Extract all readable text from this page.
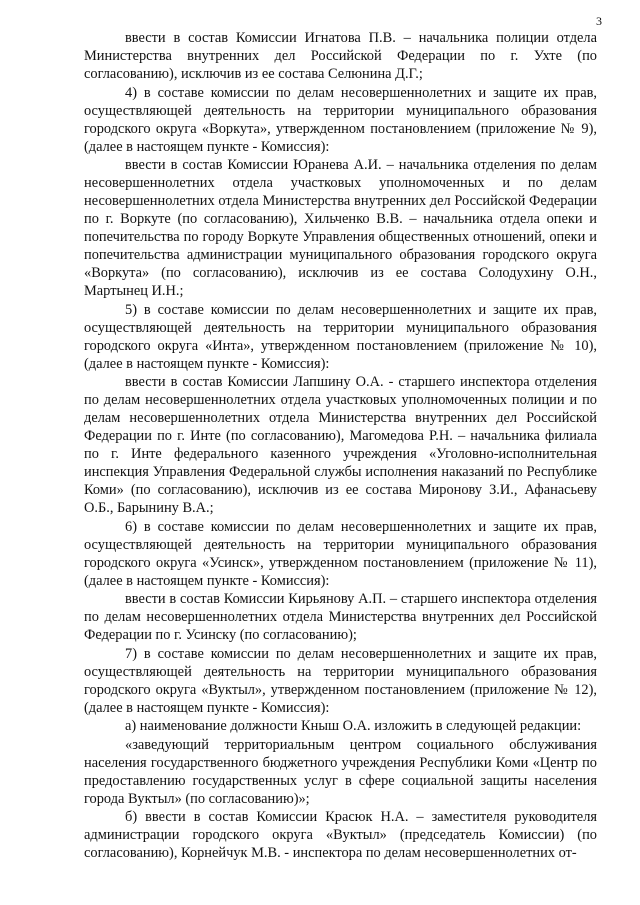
3

ввести в состав Комиссии Игнатова П.В. – начальника полиции отдела Министерства внутренних дел Российской Федерации по г. Ухте (по согласованию), исключив из ее состава Селюнина Д.Г.;

4) в составе комиссии по делам несовершеннолетних и защите их прав, осуществляющей деятельность на территории муниципального образования городского округа «Воркута», утвержденном постановлением (приложение № 9), (далее в настоящем пункте - Комиссия):

ввести в состав Комиссии Юранева А.И. – начальника отделения по делам несовершеннолетних отдела участковых уполномоченных и по делам несовершеннолетних отдела Министерства внутренних дел Российской Федерации по г. Воркуте (по согласованию), Хильченко В.В. – начальника отдела опеки и попечительства по городу Воркуте Управления общественных отношений, опеки и попечительства администрации муниципального образования городского округа «Воркута» (по согласованию), исключив из ее состава Солодухину О.Н., Мартынец И.Н.;

5) в составе комиссии по делам несовершеннолетних и защите их прав, осуществляющей деятельность на территории муниципального образования городского округа «Инта», утвержденном постановлением (приложение № 10), (далее в настоящем пункте - Комиссия):

ввести в состав Комиссии Лапшину О.А. - старшего инспектора отделения по делам несовершеннолетних отдела участковых уполномоченных полиции и по делам несовершеннолетних отдела Министерства внутренних дел Российской Федерации по г. Инте (по согласованию), Магомедова Р.Н. – начальника филиала по г. Инте федерального казенного учреждения «Уголовно-исполнительная инспекция Управления Федеральной службы исполнения наказаний по Республике Коми» (по согласованию), исключив из ее состава Миронову З.И., Афанасьеву О.Б., Барынину В.А.;

6) в составе комиссии по делам несовершеннолетних и защите их прав, осуществляющей деятельность на территории муниципального образования городского округа «Усинск», утвержденном постановлением (приложение № 11), (далее в настоящем пункте - Комиссия):

ввести в состав Комиссии Кирьянову А.П. – старшего инспектора отделения по делам несовершеннолетних отдела Министерства внутренних дел Российской Федерации по г. Усинску (по согласованию);

7) в составе комиссии по делам несовершеннолетних и защите их прав, осуществляющей деятельность на территории муниципального образования городского округа «Вуктыл», утвержденном постановлением (приложение № 12), (далее в настоящем пункте - Комиссия):

а) наименование должности Кныш О.А. изложить в следующей редакции:

«заведующий территориальным центром социального обслуживания населения государственного бюджетного учреждения Республики Коми «Центр по предоставлению государственных услуг в сфере социальной защиты населения города Вуктыл» (по согласованию)»;

б) ввести в состав Комиссии Красюк Н.А. – заместителя руководителя администрации городского округа «Вуктыл» (председатель Комиссии) (по согласованию), Корнейчук М.В. - инспектора по делам несовершеннолетних от-
